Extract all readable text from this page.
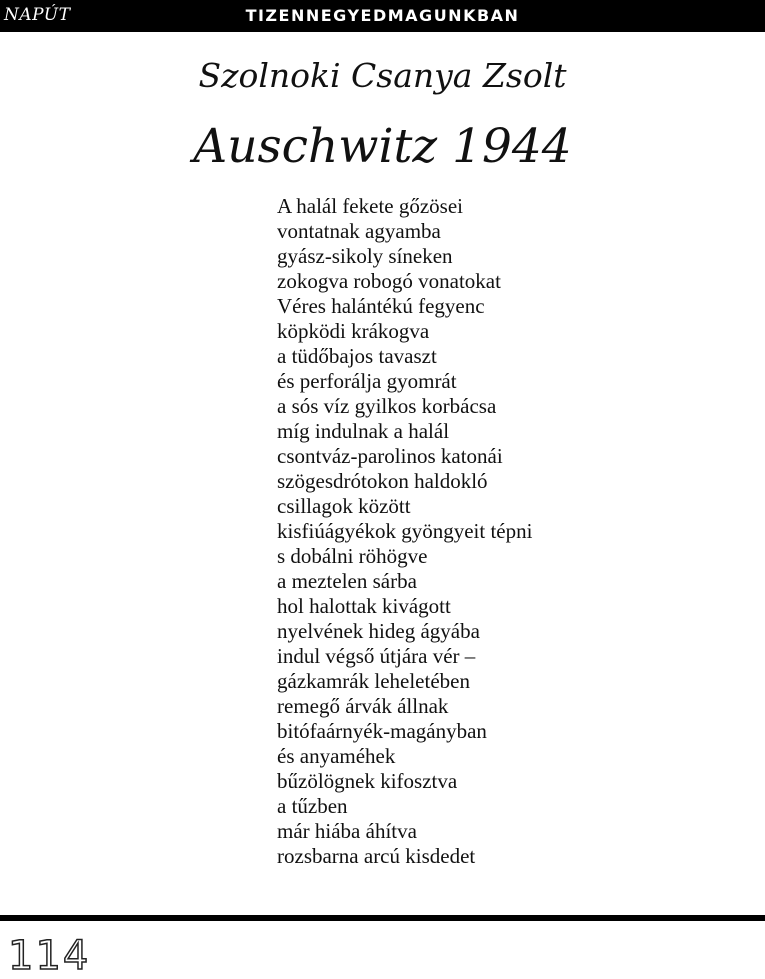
NAPÚT	TIZENNEGYEDMAGUNKBAN
Szolnoki Csanya Zsolt
Auschwitz 1944
A halál fekete gőzösei
vontatnak agyamba
gyász-sikoly síneken
zokogva robogó vonatokat
Véres halántékú fegyenc
köpködi krákogva
a tüdőbajos tavaszt
és perforálja gyomrát
a sós víz gyilkos korbácsa
míg indulnak a halál
csontváz-parolinos katonái
szögesdrótokon haldokló
csillagok között
kisfiúágyékok gyöngyeit tépni
s dobálni röhögve
a meztelen sárba
hol halottak kivágott
nyelvének hideg ágyába
indul végső útjára vér –
gázkamrák leheletében
remegő árvák állnak
bitófaárnyék-magányban
és anyaméhek
bűzölögnek kifosztva
a tűzben
már hiába áhítva
rozsbarna arcú kisdedet
114
